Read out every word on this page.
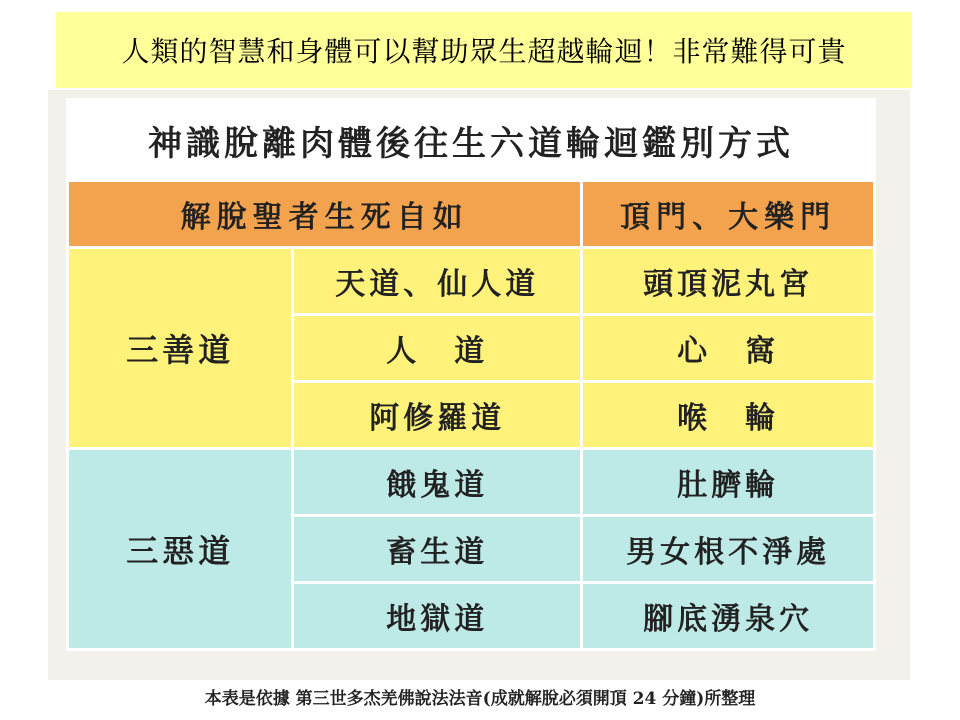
人類的智慧和身體可以幫助眾生超越輪迴！非常難得可貴
神識脫離肉體後往生六道輪迴鑑別方式		
解脫聖者生死自如		頂門、大樂門
三善道	天道、仙人道	頭頂泥丸宮
	人　道	心　窩
	阿修羅道	喉　輪
三惡道	餓鬼道	肚臍輪
	畜生道	男女根不淨處
	地獄道	腳底湧泉穴
本表是依據 第三世多杰羌佛說法法音(成就解脫必須開頂 24 分鐘)所整理
